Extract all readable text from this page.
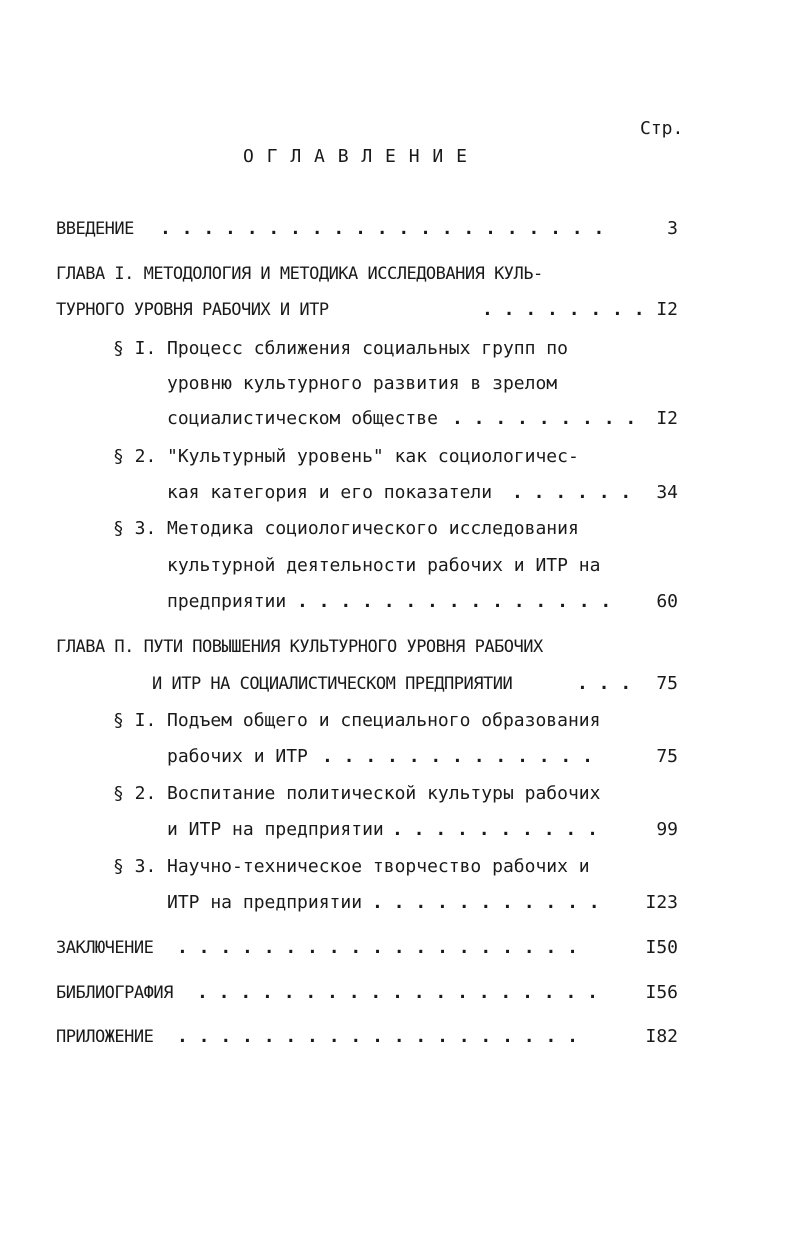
Стр.
О Г Л А В Л Е Н И Е
ВВЕДЕНИЕ . . . . . . . . . . . . . . . . . . . . .	3
ГЛАВА I. МЕТОДОЛОГИЯ И МЕТОДИКА ИССЛЕДОВАНИЯ КУЛЬ-
ТУРНОГО УРОВНЯ РАБОЧИХ И ИТР	. . . . . . . . I2
§ I. Процесс сближения социальных групп по
уровню культурного развития в зрелом
социалистическом обществе . . . . . . . . .	I2
§ 2. "Культурный уровень" как социологичес-
кая категория и его показатели . . . . . .	34
§ 3. Методика социологического исследования
культурной деятельности рабочих и ИТР на
предприятии . . . . . . . . . . . . . . .	60
ГЛАВА П. ПУТИ ПОВЫШЕНИЯ КУЛЬТУРНОГО УРОВНЯ РАБОЧИХ
И ИТР НА СОЦИАЛИСТИЧЕСКОМ ПРЕДПРИЯТИИ	. . .	75
§ I. Подъем общего и специального образования
рабочих и ИТР . . . . . . . . . . . . .	75
§ 2. Воспитание политической культуры рабочих
и ИТР на предприятии . . . . . . . . . .	99
§ 3. Научно-техническое творчество рабочих и
ИТР на предприятии . . . . . . . . . . .	I23
ЗАКЛЮЧЕНИЕ . . . . . . . . . . . . . . . . . . .	I50
БИБЛИОГРАФИЯ . . . . . . . . . . . . . . . . . . .	I56
ПРИЛОЖЕНИЕ . . . . . . . . . . . . . . . . . . .	I82
